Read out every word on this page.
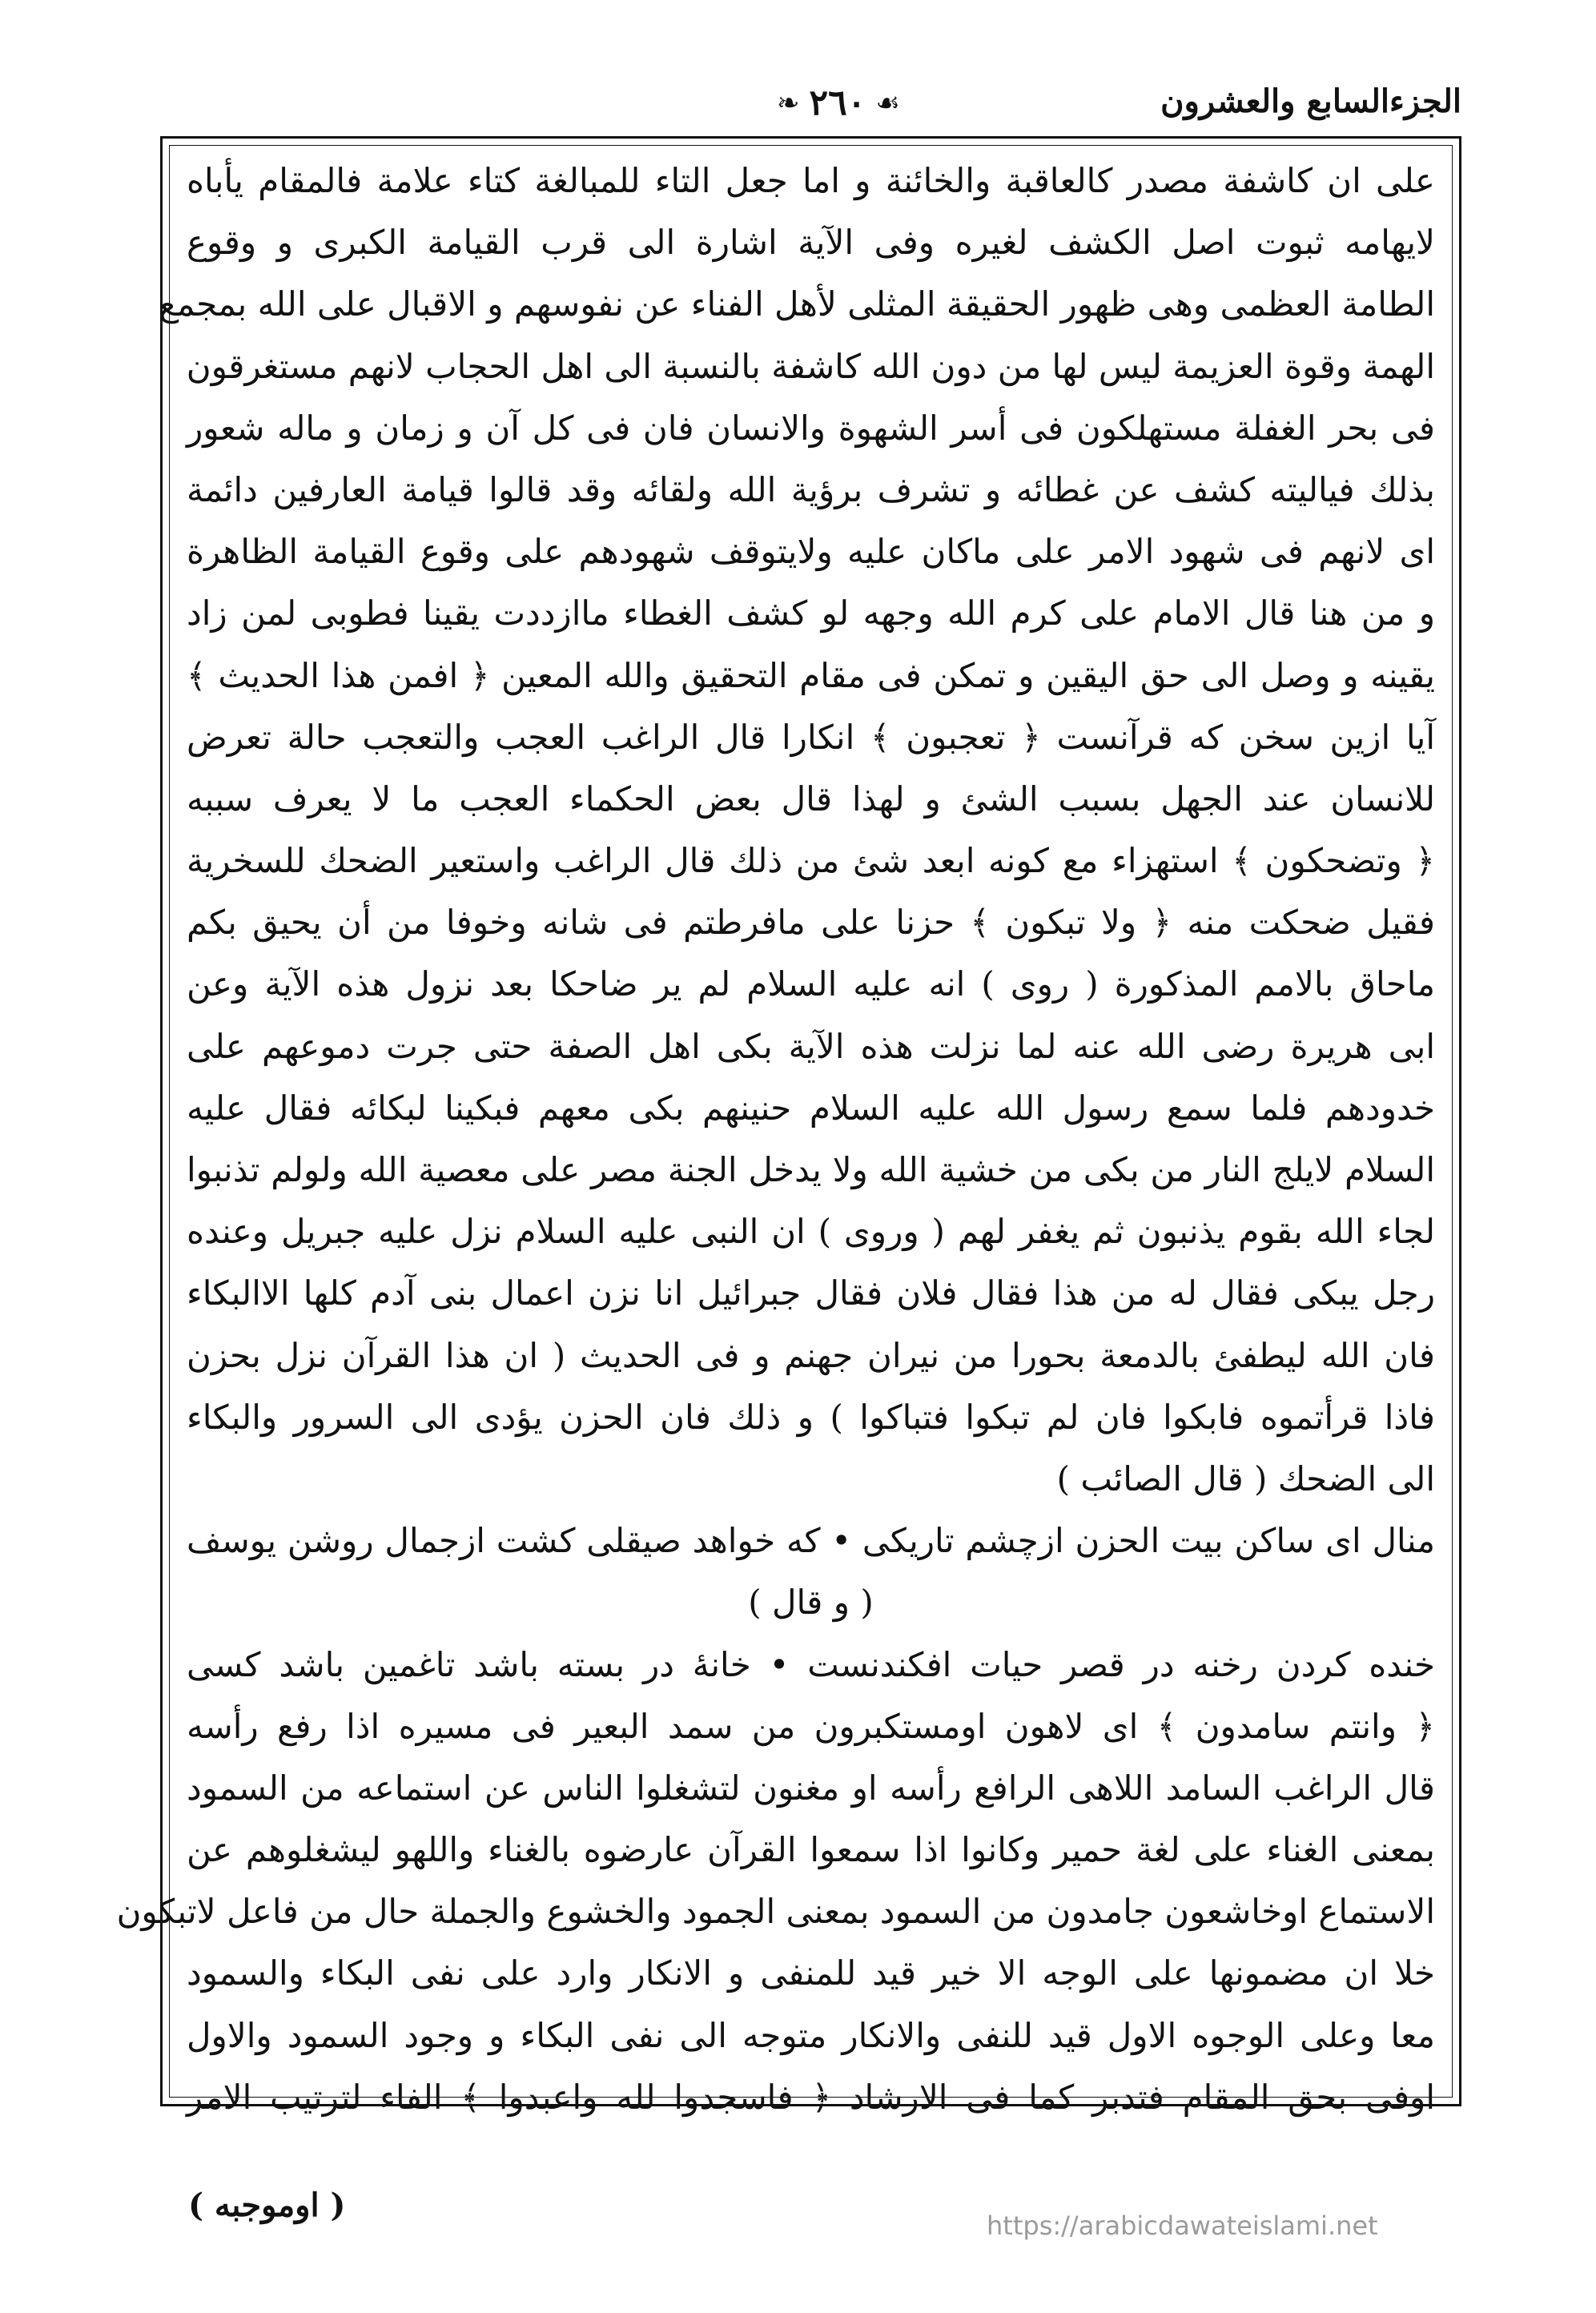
الجزءالسابع والعشرون
❧ ٢٦٠ ☙
على ان كاشفة مصدر كالعاقبة والخائنة و اما جعل التاء للمبالغة كتاء علامة فالمقام يأباه
لايهامه ثبوت اصل الكشف لغيره وفى الآية اشارة الى قرب القيامة الكبرى و وقوع
الطامة العظمى وهى ظهور الحقيقة المثلى لأهل الفناء عن نفوسهم و الاقبال على الله بمجمع
الهمة وقوة العزيمة ليس لها من دون الله كاشفة بالنسبة الى اهل الحجاب لانهم مستغرقون
فى بحر الغفلة مستهلكون فى أسر الشهوة والانسان فان فى كل آن و زمان و ماله شعور
بذلك فياليته كشف عن غطائه و تشرف برؤية الله ولقائه وقد قالوا قيامة العارفين دائمة
اى لانهم فى شهود الامر على ماكان عليه ولايتوقف شهودهم على وقوع القيامة الظاهرة
و من هنا قال الامام على كرم الله وجهه لو كشف الغطاء ماازددت يقينا فطوبى لمن زاد
يقينه و وصل الى حق اليقين و تمكن فى مقام التحقيق والله المعين ﴿ افمن هذا الحديث ﴾
آيا ازين سخن كه قرآنست ﴿ تعجبون ﴾ انكارا قال الراغب العجب والتعجب حالة تعرض
للانسان عند الجهل بسبب الشئ و لهذا قال بعض الحكماء العجب ما لا يعرف سببه
﴿ وتضحكون ﴾ استهزاء مع كونه ابعد شئ من ذلك قال الراغب واستعير الضحك للسخرية
فقيل ضحكت منه ﴿ ولا تبكون ﴾ حزنا على مافرطتم فى شانه وخوفا من أن يحيق بكم
ماحاق بالامم المذكورة ( روى ) انه عليه السلام لم ير ضاحكا بعد نزول هذه الآية وعن
ابى هريرة رضى الله عنه لما نزلت هذه الآية بكى اهل الصفة حتى جرت دموعهم على
خدودهم فلما سمع رسول الله عليه السلام حنينهم بكى معهم فبكينا لبكائه فقال عليه
السلام لايلج النار من بكى من خشية الله ولا يدخل الجنة مصر على معصية الله ولولم تذنبوا
لجاء الله بقوم يذنبون ثم يغفر لهم ( وروى ) ان النبى عليه السلام نزل عليه جبريل وعنده
رجل يبكى فقال له من هذا فقال فلان فقال جبرائيل انا نزن اعمال بنى آدم كلها الاالبكاء
فان الله ليطفئ بالدمعة بحورا من نيران جهنم و فى الحديث ( ان هذا القرآن نزل بحزن
فاذا قرأتموه فابكوا فان لم تبكوا فتباكوا ) و ذلك فان الحزن يؤدى الى السرور والبكاء
الى الضحك ( قال الصائب )
منال اى ساكن بيت الحزن ازچشم تاريكى • كه خواهد صيقلى كشت ازجمال روشن يوسف
( و قال )
خنده كردن رخنه در قصر حيات افكندنست • خانهٔ در بسته باشد تاغمين باشد كسى
﴿ وانتم سامدون ﴾ اى لاهون اومستكبرون من سمد البعير فى مسيره اذا رفع رأسه
قال الراغب السامد اللاهى الرافع رأسه او مغنون لتشغلوا الناس عن استماعه من السمود
بمعنى الغناء على لغة حمير وكانوا اذا سمعوا القرآن عارضوه بالغناء واللهو ليشغلوهم عن
الاستماع اوخاشعون جامدون من السمود بمعنى الجمود والخشوع والجملة حال من فاعل لاتبكون
خلا ان مضمونها على الوجه الا خير قيد للمنفى و الانكار وارد على نفى البكاء والسمود
معا وعلى الوجوه الاول قيد للنفى والانكار متوجه الى نفى البكاء و وجود السمود والاول
اوفى بحق المقام فتدبر كما فى الارشاد ﴿ فاسجدوا لله واعبدوا ﴾ الفاء لترتيب الامر
( اوموجبه )
https://arabicdawateislami.net
